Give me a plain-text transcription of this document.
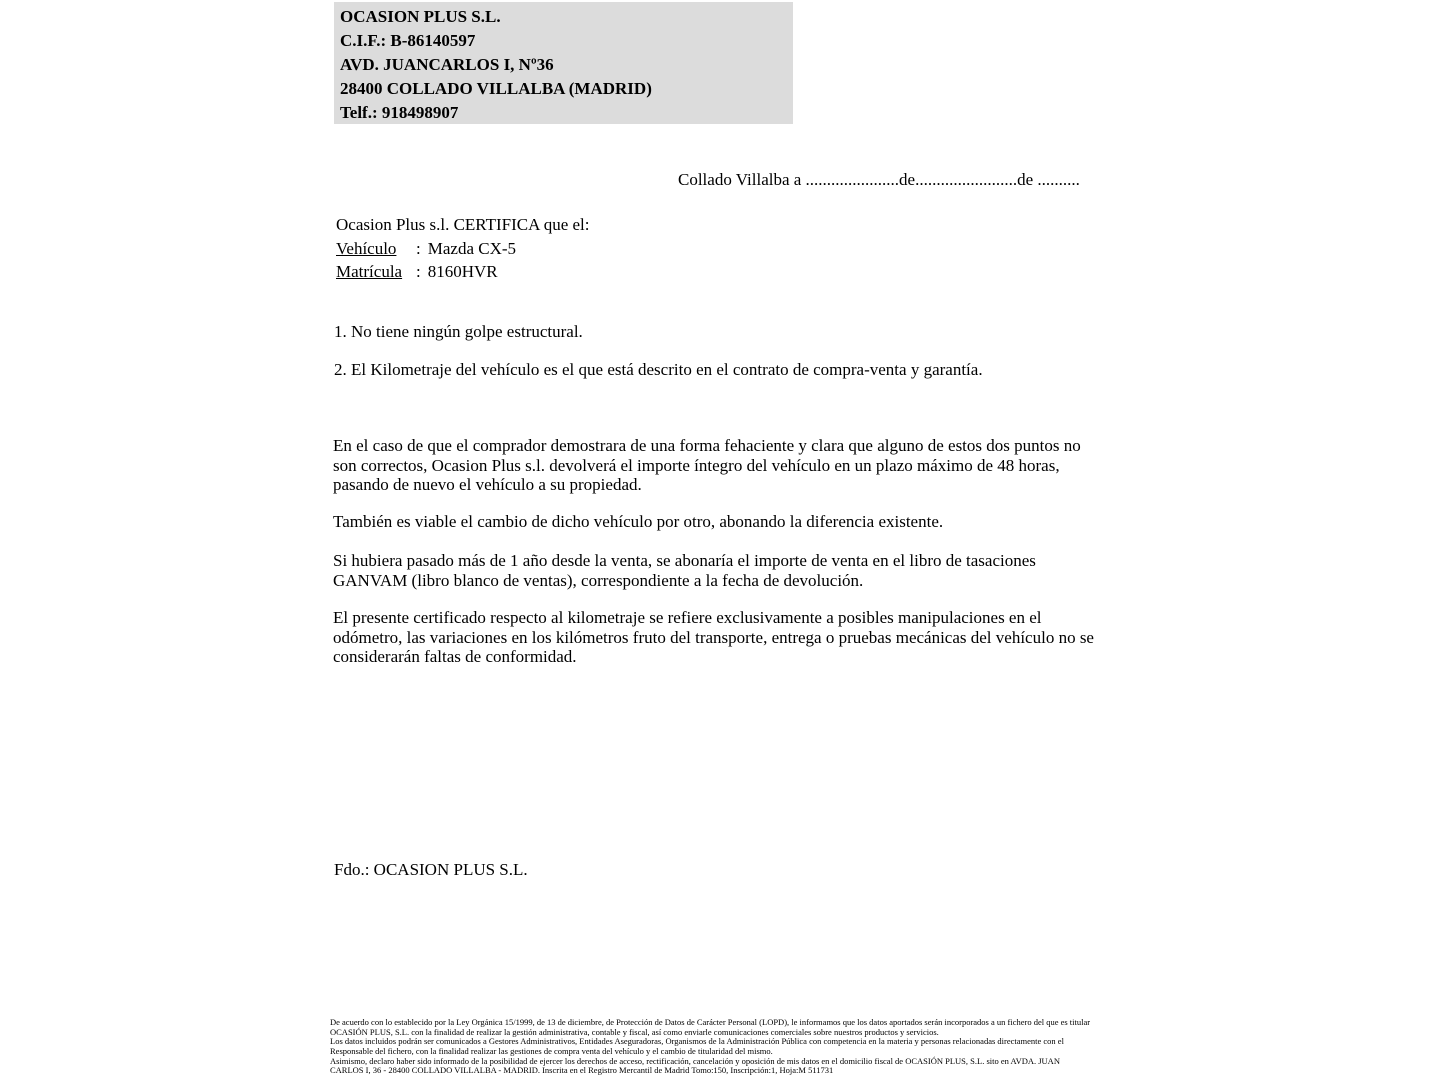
OCASION PLUS S.L.
C.I.F.: B-86140597
AVD. JUANCARLOS I, Nº36
28400 COLLADO VILLALBA (MADRID)
Telf.: 918498907
Collado Villalba a ......................de........................de ..........
Ocasion Plus s.l. CERTIFICA que el:
Vehículo	: Mazda CX-5
Matrícula : 8160HVR
1. No tiene ningún golpe estructural.
2. El Kilometraje del vehículo es el que está descrito en el contrato de compra-venta y garantía.
En el caso de que el comprador demostrara de una forma fehaciente y clara que alguno de estos dos puntos no son correctos, Ocasion Plus s.l. devolverá el importe íntegro del vehículo en un plazo máximo de 48 horas, pasando de nuevo el vehículo a su propiedad.
También es viable el cambio de dicho vehículo por otro, abonando la diferencia existente.
Si hubiera pasado más de 1 año desde la venta, se abonaría el importe de venta en el libro de tasaciones GANVAM (libro blanco de ventas), correspondiente a la fecha de devolución.
El presente certificado respecto al kilometraje se refiere exclusivamente a posibles manipulaciones en el odómetro, las variaciones en los kilómetros fruto del transporte, entrega o pruebas mecánicas del vehículo no se considerarán faltas de conformidad.
Fdo.: OCASION PLUS S.L.
De acuerdo con lo establecido por la Ley Orgánica 15/1999, de 13 de diciembre, de Protección de Datos de Carácter Personal (LOPD), le informamos que los datos aportados serán incorporados a un fichero del que es titular
OCASIÓN PLUS, S.L. con la finalidad de realizar la gestión administrativa, contable y fiscal, así como enviarle comunicaciones comerciales sobre nuestros productos y servicios.
Los datos incluidos podrán ser comunicados a Gestores Administrativos, Entidades Aseguradoras, Organismos de la Administración Pública con competencia en la materia y personas relacionadas directamente con el
Responsable del fichero, con la finalidad realizar las gestiones de compra venta del vehículo y el cambio de titularidad del mismo.
Asimismo, declaro haber sido informado de la posibilidad de ejercer los derechos de acceso, rectificación, cancelación y oposición de mis datos en el domicilio fiscal de OCASIÓN PLUS, S.L. sito en AVDA. JUAN
CARLOS I, 36 - 28400 COLLADO VILLALBA - MADRID. Inscrita en el Registro Mercantil de Madrid Tomo:150, Inscripción:1, Hoja:M 511731
